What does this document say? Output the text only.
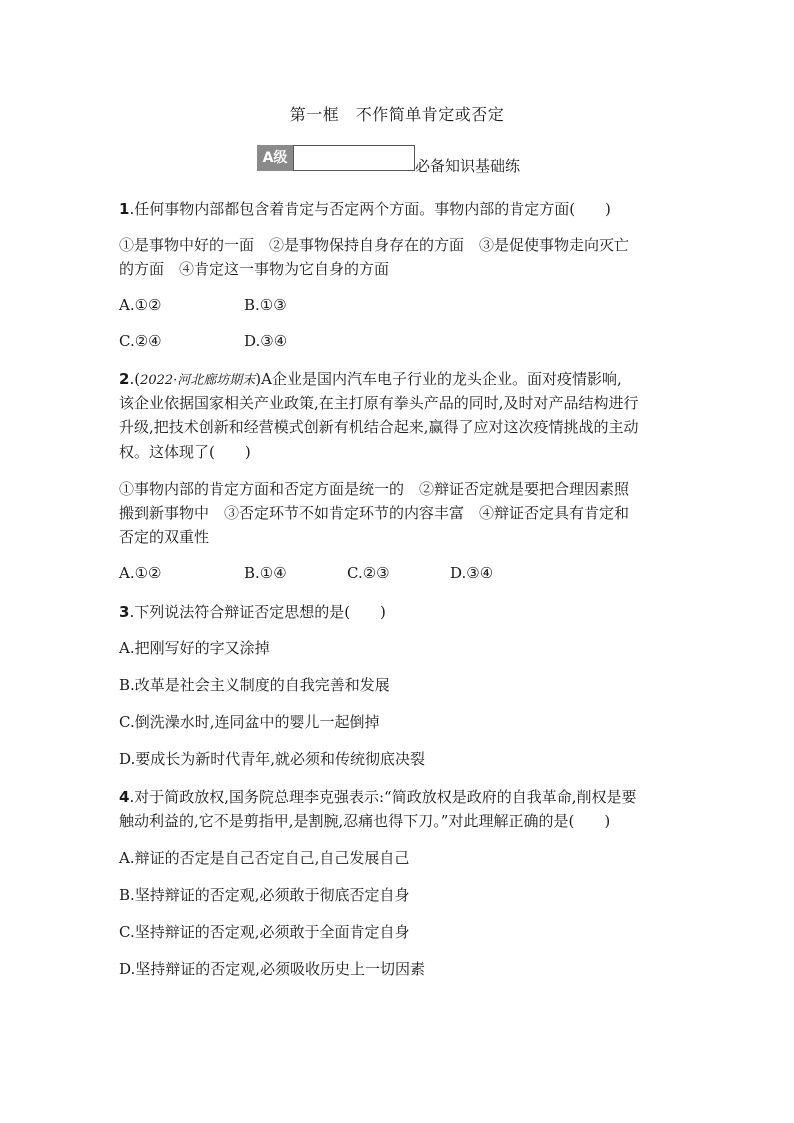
第一框　不作简单肯定或否定
A级	必备知识基础练
1.任何事物内部都包含着肯定与否定两个方面。事物内部的肯定方面(　　)
①是事物中好的一面　②是事物保持自身存在的方面　③是促使事物走向灭亡
的方面　④肯定这一事物为它自身的方面
A.①②	B.①③
C.②④	D.③④
2.(2022·河北廊坊期末)A企业是国内汽车电子行业的龙头企业。面对疫情影响,
该企业依据国家相关产业政策,在主打原有拳头产品的同时,及时对产品结构进行
升级,把技术创新和经营模式创新有机结合起来,赢得了应对这次疫情挑战的主动
权。这体现了(　　)
①事物内部的肯定方面和否定方面是统一的　②辩证否定就是要把合理因素照
搬到新事物中　③否定环节不如肯定环节的内容丰富　④辩证否定具有肯定和
否定的双重性
A.①②	B.①④	C.②③	D.③④
3.下列说法符合辩证否定思想的是(　　)
A.把刚写好的字又涂掉
B.改革是社会主义制度的自我完善和发展
C.倒洗澡水时,连同盆中的婴儿一起倒掉
D.要成长为新时代青年,就必须和传统彻底决裂
4.对于简政放权,国务院总理李克强表示:“简政放权是政府的自我革命,削权是要
触动利益的,它不是剪指甲,是割腕,忍痛也得下刀。”对此理解正确的是(　　)
A.辩证的否定是自己否定自己,自己发展自己
B.坚持辩证的否定观,必须敢于彻底否定自身
C.坚持辩证的否定观,必须敢于全面肯定自身
D.坚持辩证的否定观,必须吸收历史上一切因素
